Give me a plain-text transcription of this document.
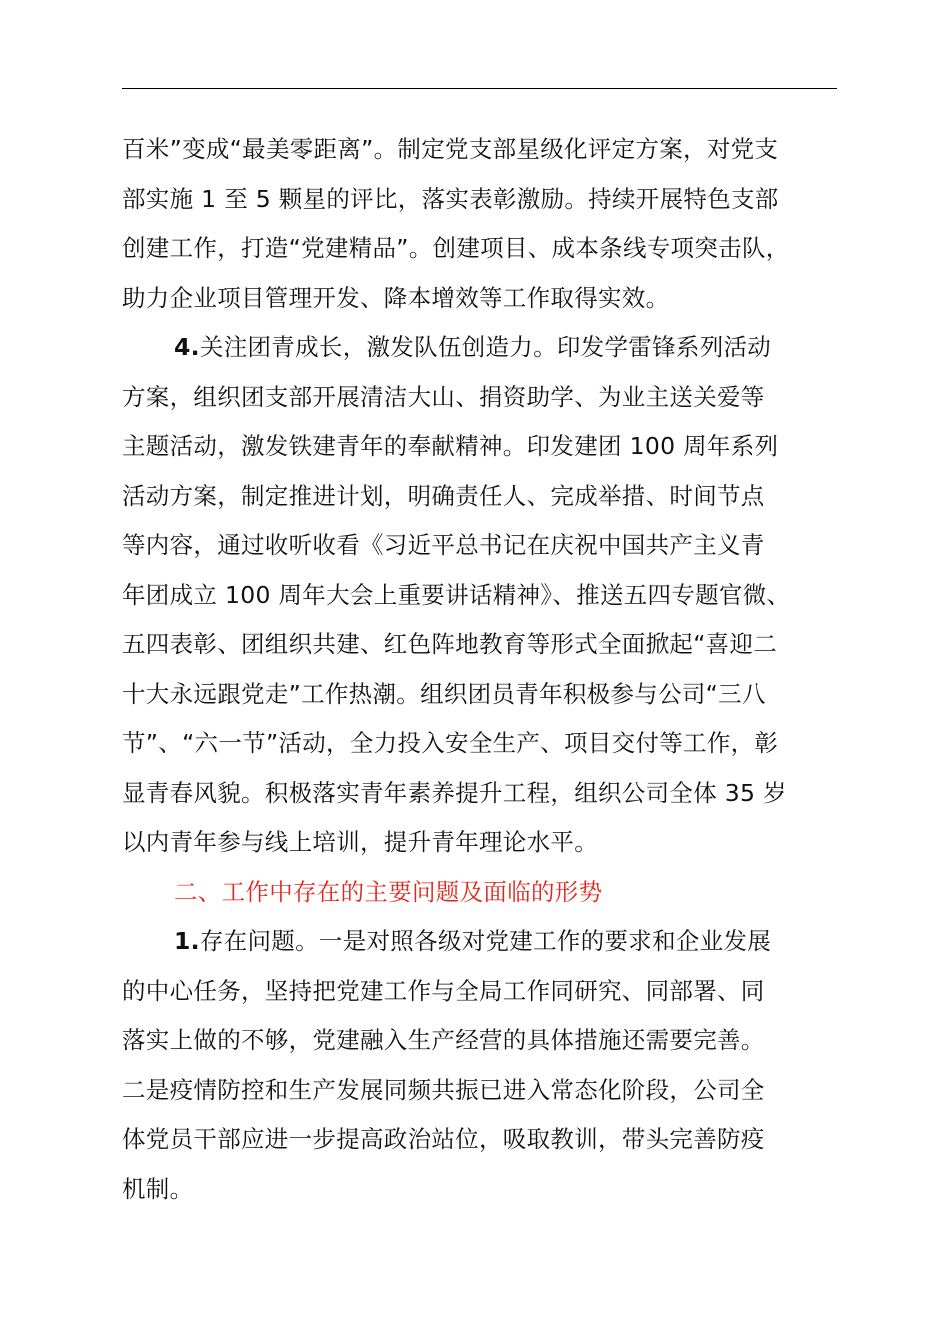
百米”变成“最美零距离”。制定党支部星级化评定方案，对党支
部实施 1 至 5 颗星的评比，落实表彰激励。持续开展特色支部
创建工作，打造“党建精品”。创建项目、成本条线专项突击队，
助力企业项目管理开发、降本增效等工作取得实效。
4.关注团青成长，激发队伍创造力。印发学雷锋系列活动
方案，组织团支部开展清洁大山、捐资助学、为业主送关爱等
主题活动，激发铁建青年的奉献精神。印发建团 100 周年系列
活动方案，制定推进计划，明确责任人、完成举措、时间节点
等内容，通过收听收看《习近平总书记在庆祝中国共产主义青
年团成立 100 周年大会上重要讲话精神》、推送五四专题官微、
五四表彰、团组织共建、红色阵地教育等形式全面掀起“喜迎二
十大永远跟党走”工作热潮。组织团员青年积极参与公司“三八
节”、“六一节”活动，全力投入安全生产、项目交付等工作，彰
显青春风貌。积极落实青年素养提升工程，组织公司全体 35 岁
以内青年参与线上培训，提升青年理论水平。
二、工作中存在的主要问题及面临的形势
1.存在问题。一是对照各级对党建工作的要求和企业发展
的中心任务，坚持把党建工作与全局工作同研究、同部署、同
落实上做的不够，党建融入生产经营的具体措施还需要完善。
二是疫情防控和生产发展同频共振已进入常态化阶段，公司全
体党员干部应进一步提高政治站位，吸取教训，带头完善防疫
机制。
